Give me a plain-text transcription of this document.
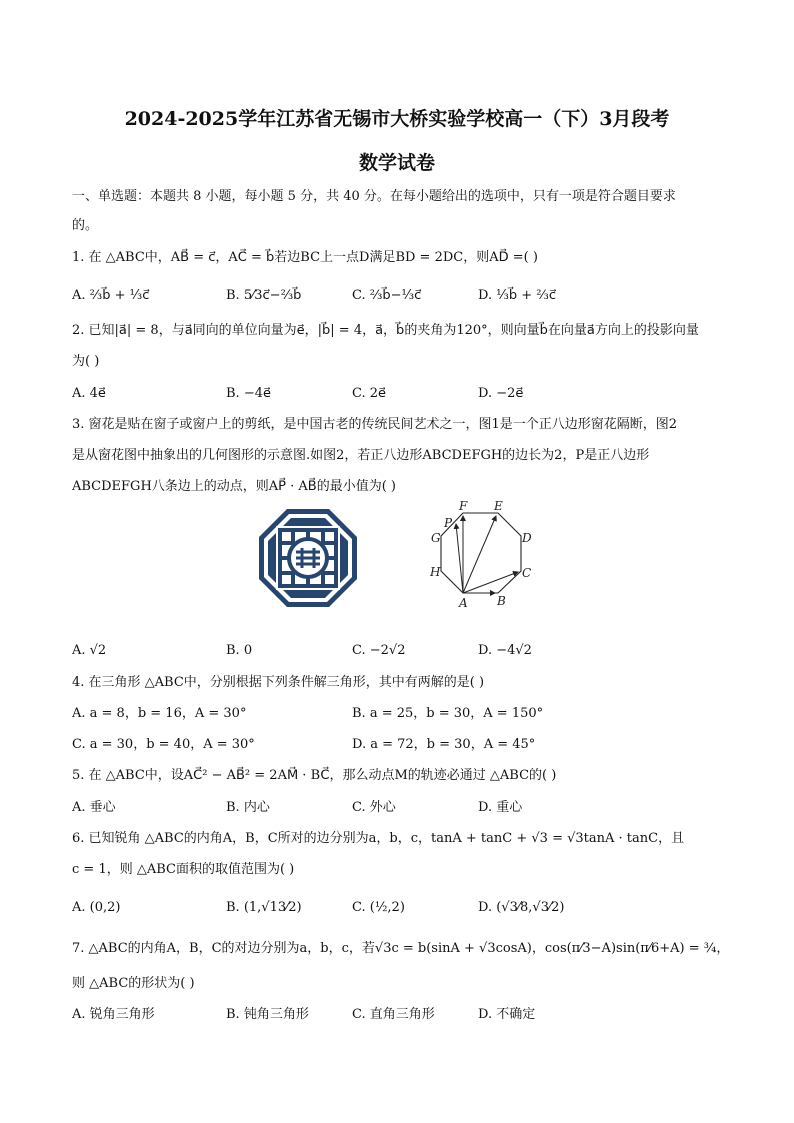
2024-2025学年江苏省无锡市大桥实验学校高一（下）3月段考
数学试卷
一、单选题：本题共 8 小题，每小题 5 分，共 40 分。在每小题给出的选项中，只有一项是符合题目要求
的。
1. 在 △ABC中，AB⃗ = c⃗，AC⃗ = b⃗若边BC上一点D满足BD = 2DC，则AD⃗ =( )
A. ⅔b⃗ + ⅓c⃗	B. 5⁄3c⃗−⅔b⃗	C. ⅔b⃗−⅓c⃗	D. ⅓b⃗ + ⅔c⃗
2. 已知|a⃗| = 8，与a⃗同向的单位向量为e⃗，|b⃗| = 4，a⃗，b⃗的夹角为120°，则向量b⃗在向量a⃗方向上的投影向量
为( )
A. 4e⃗	B. −4e⃗	C. 2e⃗	D. −2e⃗
3. 窗花是贴在窗子或窗户上的剪纸，是中国古老的传统民间艺术之一，图1是一个正八边形窗花隔断，图2
是从窗花图中抽象出的几何图形的示意图.如图2，若正八边形ABCDEFGH的边长为2，P是正八边形
ABCDEFGH八条边上的动点，则AP⃗ · AB⃗的最小值为( )
A B
C
D
E
F
G
H
P
A. √2	B. 0	C. −2√2	D. −4√2
4. 在三角形 △ABC中，分别根据下列条件解三角形，其中有两解的是( )
A. a = 8，b = 16，A = 30°	B. a = 25，b = 30，A = 150°
C. a = 30，b = 40，A = 30°	D. a = 72，b = 30，A = 45°
5. 在 △ABC中，设AC⃗² − AB⃗² = 2AM⃗ · BC⃗，那么动点M的轨迹必通过 △ABC的( )
A. 垂心	B. 内心	C. 外心	D. 重心
6. 已知锐角 △ABC的内角A，B，C所对的边分别为a，b，c，tanA + tanC + √3 = √3tanA · tanC，且
c = 1，则 △ABC面积的取值范围为( )
A. (0,2)	B. (1,√13⁄2)	C. (½,2)	D. (√3⁄8,√3⁄2)
7. △ABC的内角A，B，C的对边分别为a，b，c，若√3c = b(sinA + √3cosA)，cos(π⁄3−A)sin(π⁄6+A) = ¾，
则 △ABC的形状为( )
A. 锐角三角形	B. 钝角三角形	C. 直角三角形	D. 不确定
